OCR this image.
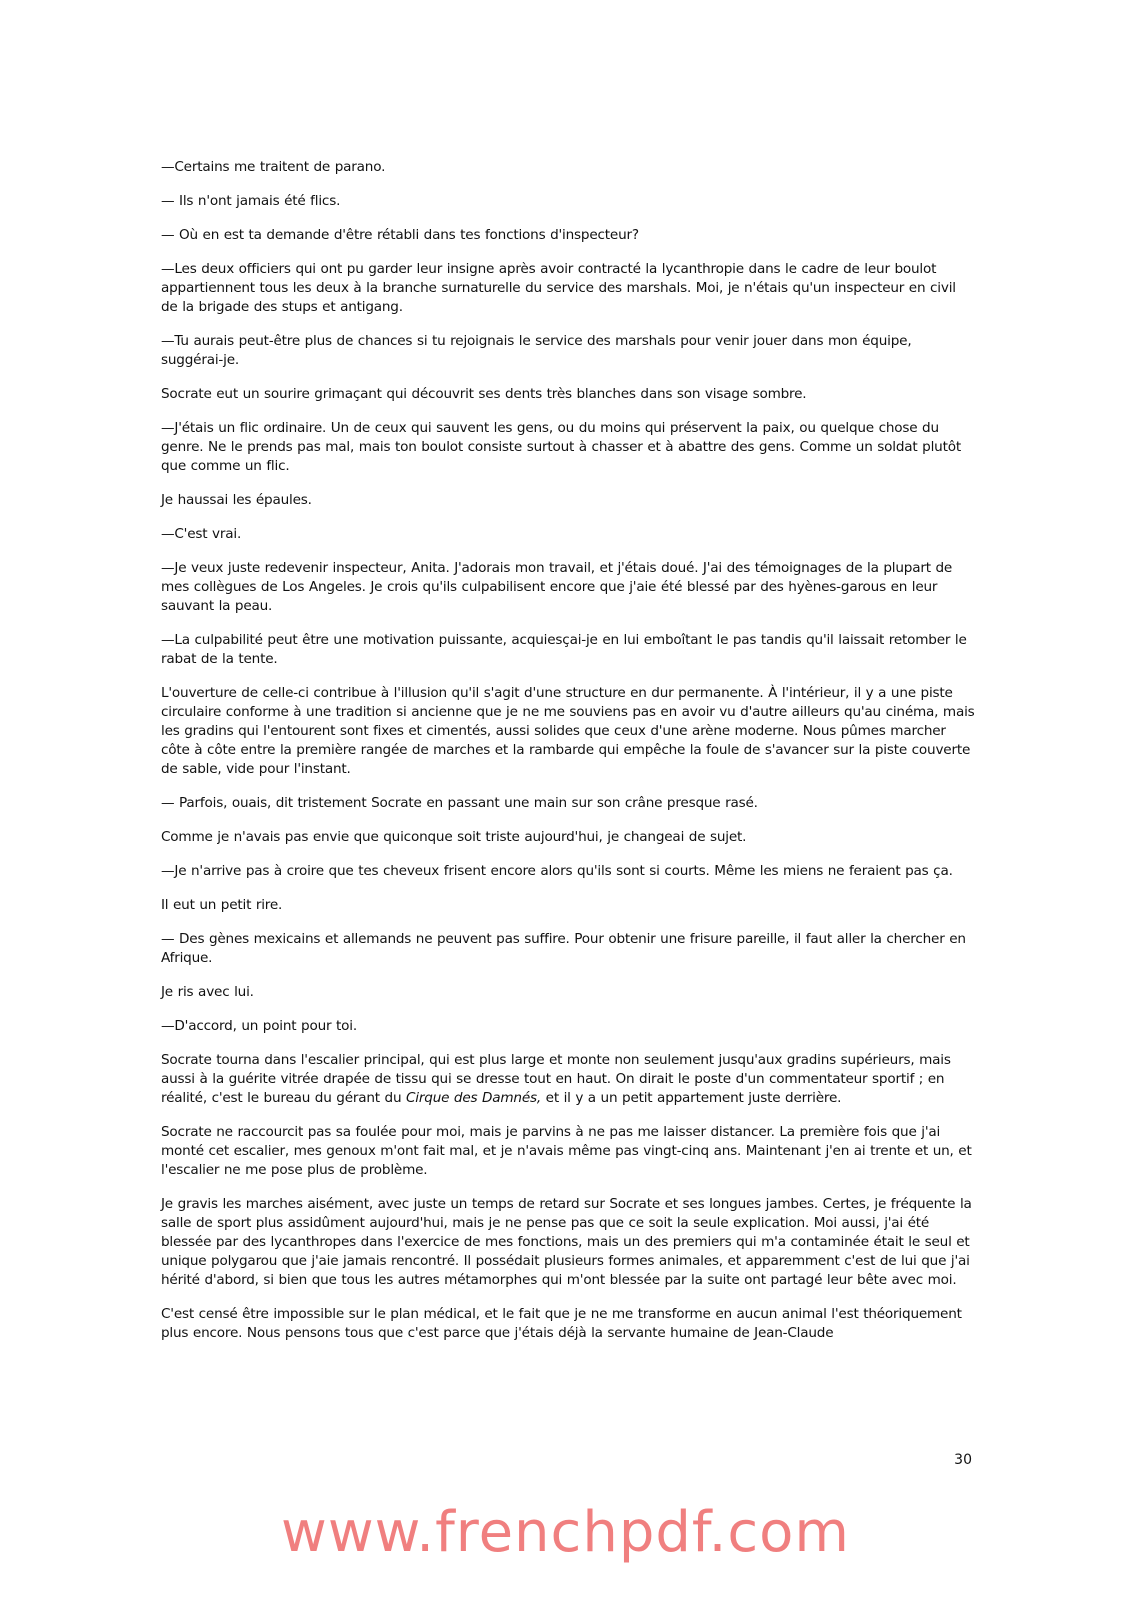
—Certains me traitent de parano.

— Ils n'ont jamais été flics.

— Où en est ta demande d'être rétabli dans tes fonctions d'inspecteur?

—Les deux officiers qui ont pu garder leur insigne après avoir contracté la lycanthropie dans le cadre de leur boulot appartiennent tous les deux à la branche surnaturelle du service des marshals. Moi, je n'étais qu'un inspecteur en civil de la brigade des stups et antigang.

—Tu aurais peut-être plus de chances si tu rejoignais le service des marshals pour venir jouer dans mon équipe, suggérai-je.

Socrate eut un sourire grimaçant qui découvrit ses dents très blanches dans son visage sombre.

—J'étais un flic ordinaire. Un de ceux qui sauvent les gens, ou du moins qui préservent la paix, ou quelque chose du genre. Ne le prends pas mal, mais ton boulot consiste surtout à chasser et à abattre des gens. Comme un soldat plutôt que comme un flic.

Je haussai les épaules.

—C'est vrai.

—Je veux juste redevenir inspecteur, Anita. J'adorais mon travail, et j'étais doué. J'ai des témoignages de la plupart de mes collègues de Los Angeles. Je crois qu'ils culpabilisent encore que j'aie été blessé par des hyènes-garous en leur sauvant la peau.

—La culpabilité peut être une motivation puissante, acquiesçai-je en lui emboîtant le pas tandis qu'il laissait retomber le rabat de la tente.

L'ouverture de celle-ci contribue à l'illusion qu'il s'agit d'une structure en dur permanente. À l'intérieur, il y a une piste circulaire conforme à une tradition si ancienne que je ne me souviens pas en avoir vu d'autre ailleurs qu'au cinéma, mais les gradins qui l'entourent sont fixes et cimentés, aussi solides que ceux d'une arène moderne. Nous pûmes marcher côte à côte entre la première rangée de marches et la rambarde qui empêche la foule de s'avancer sur la piste couverte de sable, vide pour l'instant.

— Parfois, ouais, dit tristement Socrate en passant une main sur son crâne presque rasé.

Comme je n'avais pas envie que quiconque soit triste aujourd'hui, je changeai de sujet.

—Je n'arrive pas à croire que tes cheveux frisent encore alors qu'ils sont si courts. Même les miens ne feraient pas ça.

Il eut un petit rire.

— Des gènes mexicains et allemands ne peuvent pas suffire. Pour obtenir une frisure pareille, il faut aller la chercher en Afrique.

Je ris avec lui.

—D'accord, un point pour toi.

Socrate tourna dans l'escalier principal, qui est plus large et monte non seulement jusqu'aux gradins supérieurs, mais aussi à la guérite vitrée drapée de tissu qui se dresse tout en haut. On dirait le poste d'un commentateur sportif ; en réalité, c'est le bureau du gérant du Cirque des Damnés, et il y a un petit appartement juste derrière.

Socrate ne raccourcit pas sa foulée pour moi, mais je parvins à ne pas me laisser distancer. La première fois que j'ai monté cet escalier, mes genoux m'ont fait mal, et je n'avais même pas vingt-cinq ans. Maintenant j'en ai trente et un, et l'escalier ne me pose plus de problème.

Je gravis les marches aisément, avec juste un temps de retard sur Socrate et ses longues jambes. Certes, je fréquente la salle de sport plus assidûment aujourd'hui, mais je ne pense pas que ce soit la seule explication. Moi aussi, j'ai été blessée par des lycanthropes dans l'exercice de mes fonctions, mais un des premiers qui m'a contaminée était le seul et unique polygarou que j'aie jamais rencontré. Il possédait plusieurs formes animales, et apparemment c'est de lui que j'ai hérité d'abord, si bien que tous les autres métamorphes qui m'ont blessée par la suite ont partagé leur bête avec moi.

C'est censé être impossible sur le plan médical, et le fait que je ne me transforme en aucun animal l'est théoriquement plus encore. Nous pensons tous que c'est parce que j'étais déjà la servante humaine de Jean-Claude

30
www.frenchpdf.com
